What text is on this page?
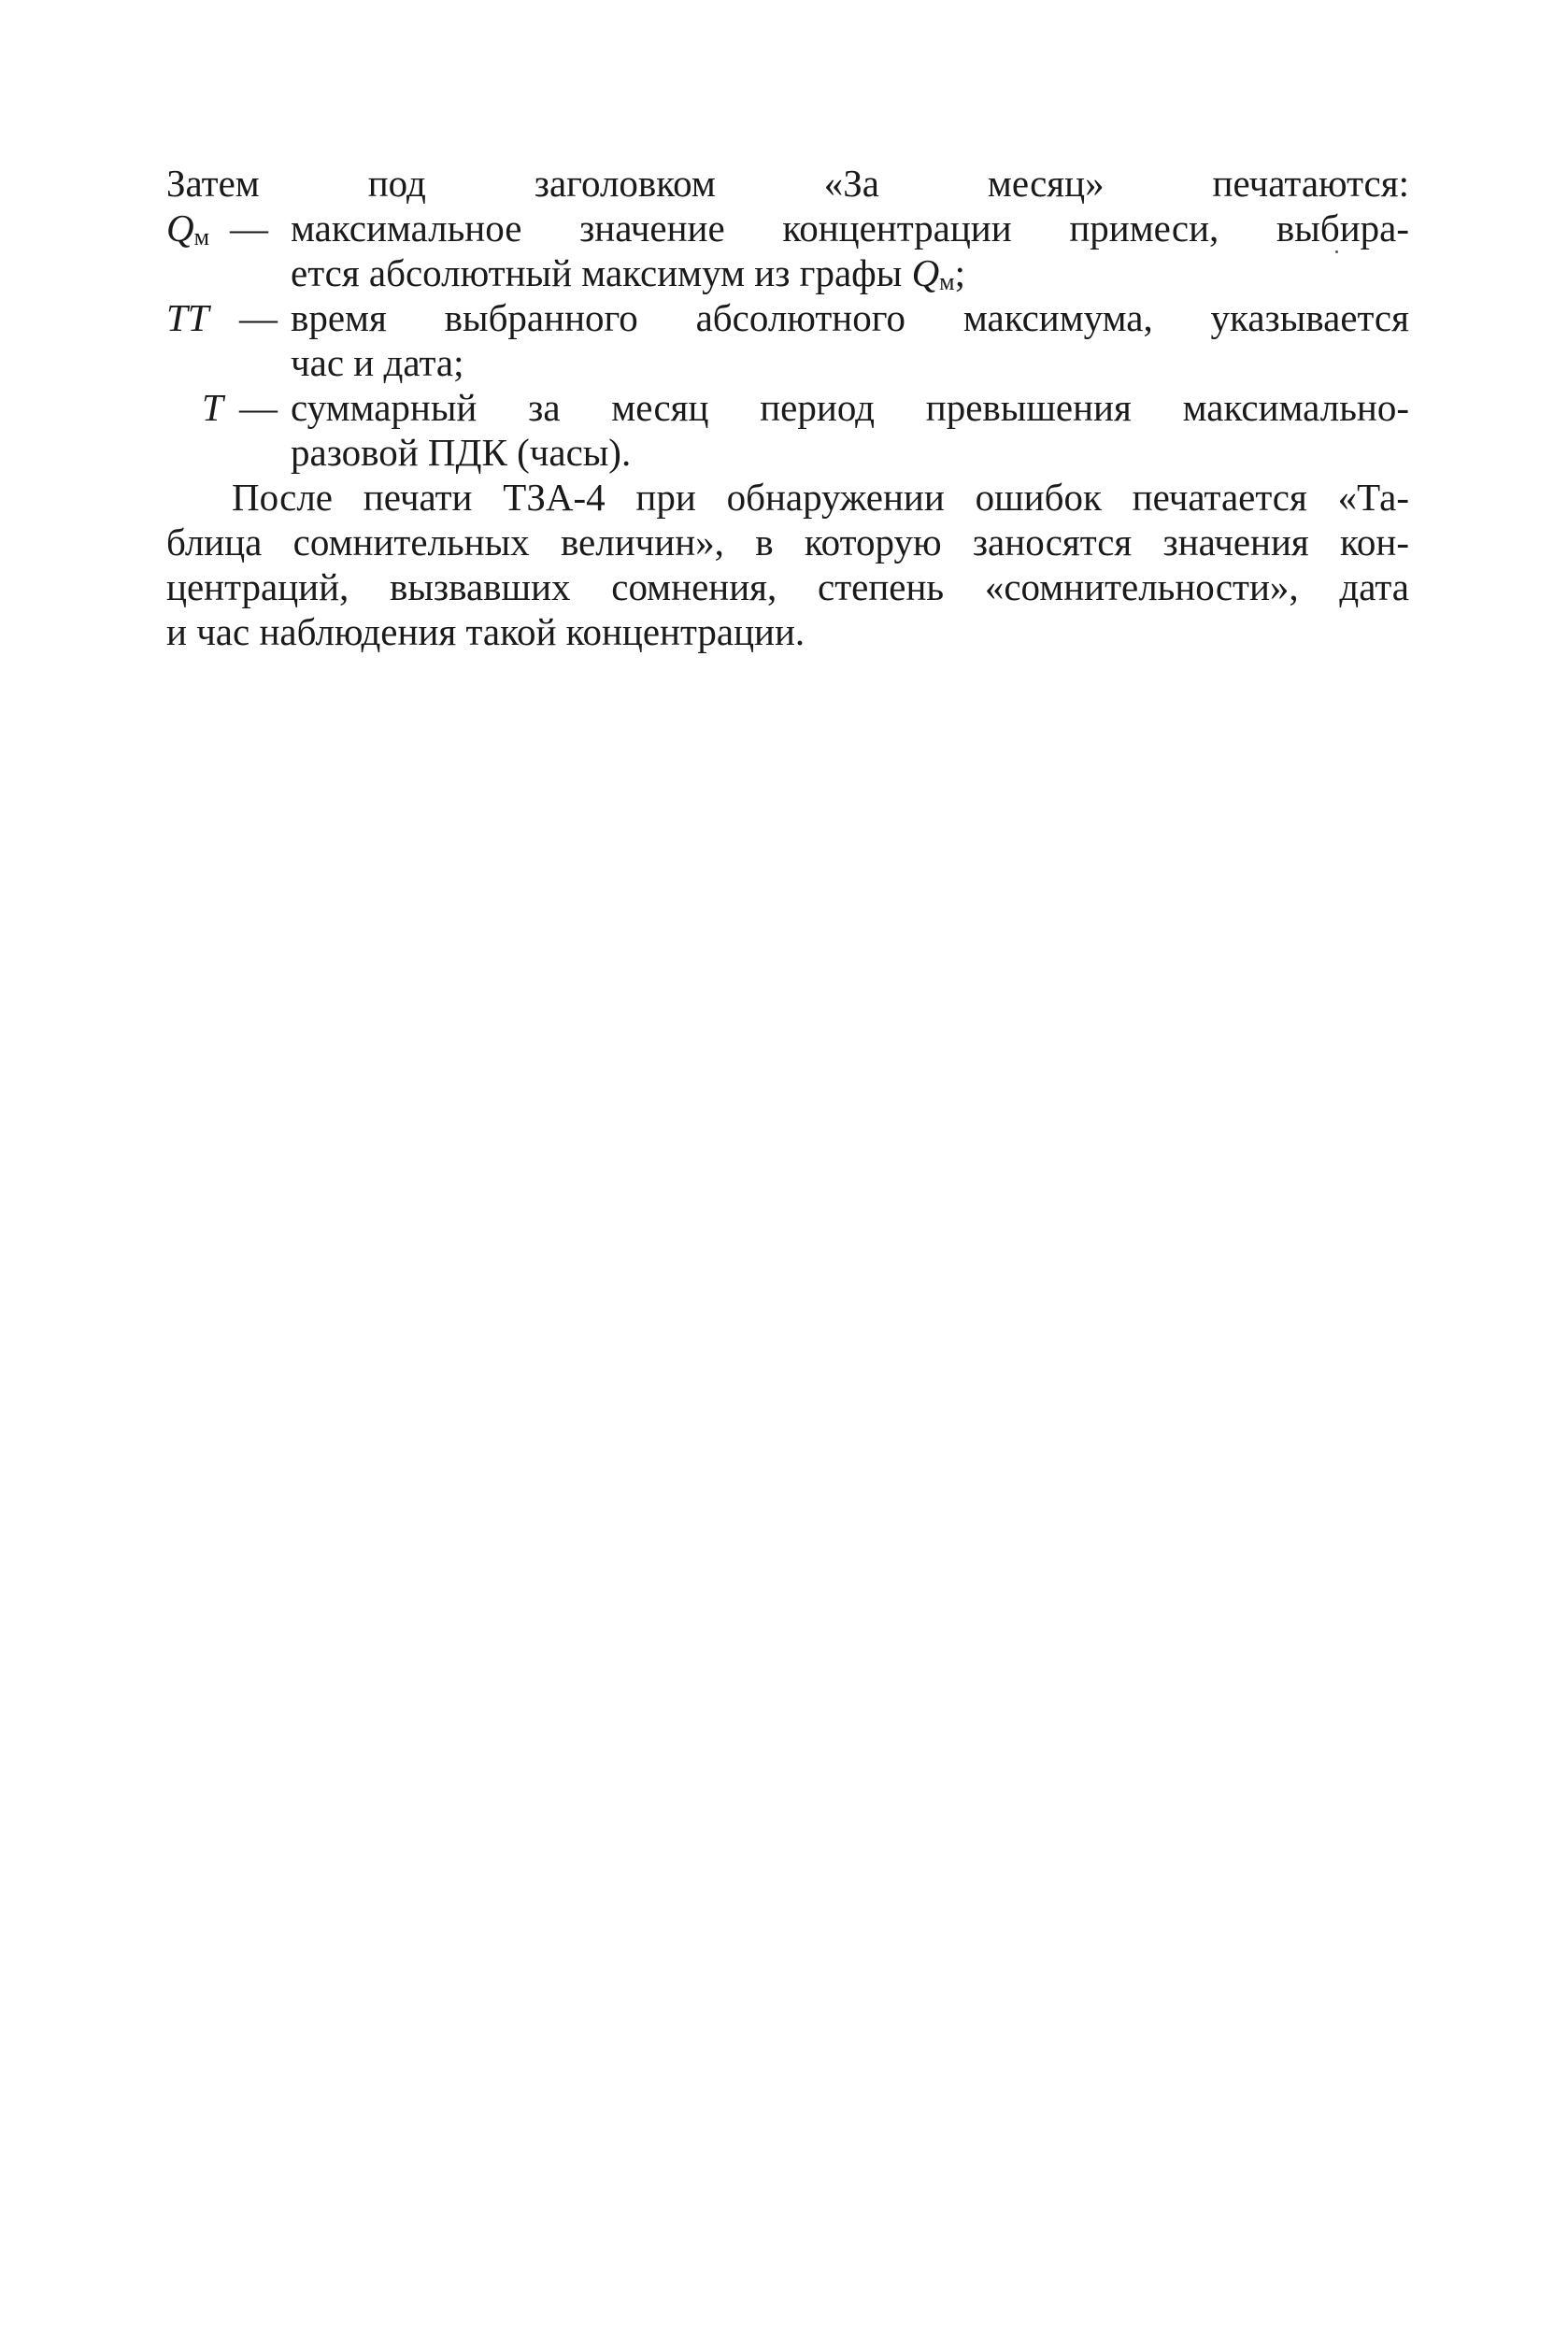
Затем под заголовком «За месяц» печатаются:
$Q_м$ — максимальное значение концентрации примеси, выбира-
ется абсолютный максимум из графы $Q_м$;
ТТ — время выбранного абсолютного максимума, указывается
час и дата;
Т — суммарный за месяц период превышения максимально-
разовой ПДК (часы).
После печати ТЗА-4 при обнаружении ошибок печатается «Та-
блица сомнительных величин», в которую заносятся значения кон-
центраций, вызвавших сомнения, степень «сомнительности», дата
и час наблюдения такой концентрации.
